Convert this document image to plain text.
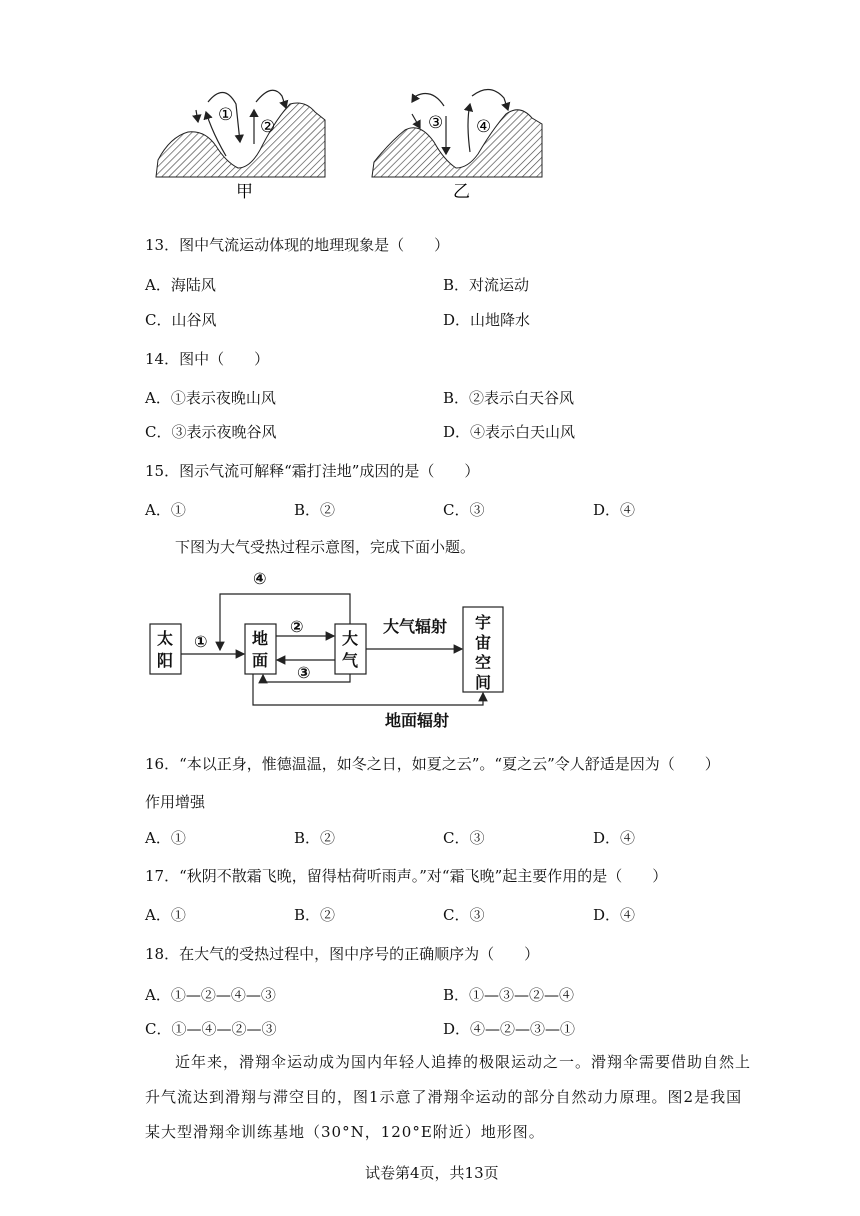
①
②
甲
③ ④
乙
13．图中气流运动体现的地理现象是（　　）
A．海陆风	B．对流运动
C．山谷风	D．山地降水
14．图中（　　）
A．①表示夜晚山风	B．②表示白天谷风
C．③表示夜晚谷风	D．④表示白天山风
15．图示气流可解释“霜打洼地”成因的是（　　）
A．①	B．②	C．③	D．④
下图为大气受热过程示意图，完成下面小题。
太
阳
地
面
大
气
宇
宙
空
间
①
②
③
④
大气辐射
地面辐射
16．“本以正身，惟德温温，如冬之日，如夏之云”。“夏之云”令人舒适是因为（　　）
作用增强
A．①	B．②	C．③	D．④
17．“秋阴不散霜飞晚，留得枯荷听雨声。”对“霜飞晚”起主要作用的是（　　）
A．①	B．②	C．③	D．④
18．在大气的受热过程中，图中序号的正确顺序为（　　）
A．①—②—④—③	B．①—③—②—④
C．①—④—②—③	D．④—②—③—①
近年来，滑翔伞运动成为国内年轻人追捧的极限运动之一。滑翔伞需要借助自然上
升气流达到滑翔与滞空目的，图1示意了滑翔伞运动的部分自然动力原理。图2是我国
某大型滑翔伞训练基地（30°N，120°E附近）地形图。
试卷第4页，共13页
